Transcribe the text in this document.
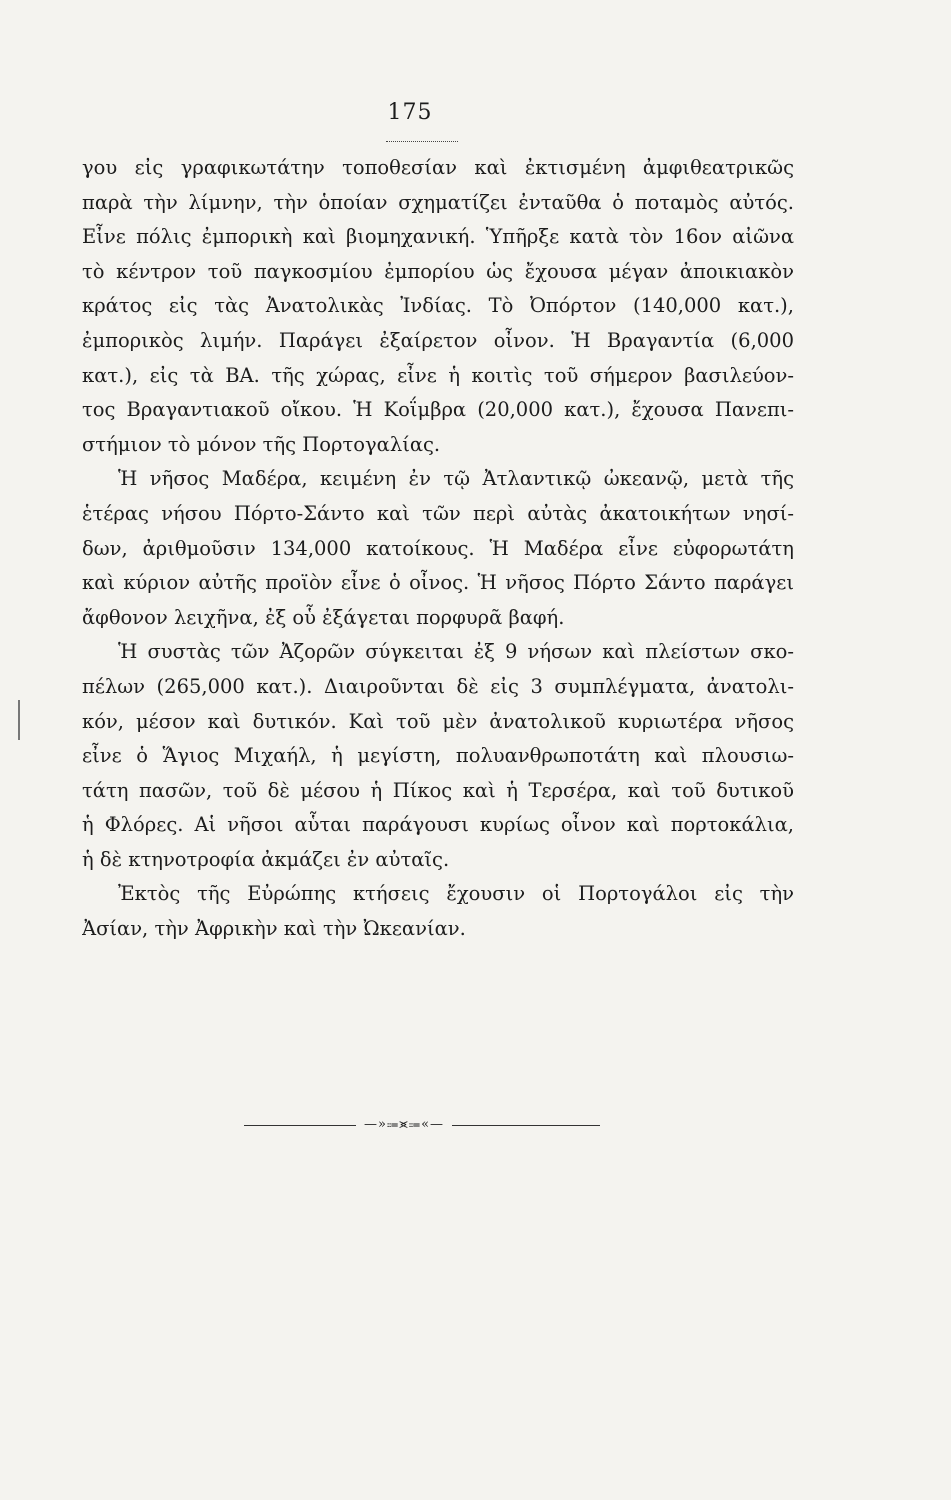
175
γου εἰς γραφικωτάτην τοποθεσίαν καὶ ἐκτισμένη ἀμφιθεατρικῶς
παρὰ τὴν λίμνην, τὴν ὁποίαν σχηματίζει ἐνταῦθα ὁ ποταμὸς αὐτός.
Εἶνε πόλις ἐμπορικὴ καὶ βιομηχανική. Ὑπῆρξε κατὰ τὸν 16ον αἰῶνα
τὸ κέντρον τοῦ παγκοσμίου ἐμπορίου ὡς ἔχουσα μέγαν ἀποικιακὸν
κράτος εἰς τὰς Ἀνατολικὰς Ἰνδίας. Τὸ Ὀπόρτον (140,000 κατ.),
ἐμπορικὸς λιμήν. Παράγει ἐξαίρετον οἶνον. Ἡ Βραγαντία (6,000
κατ.), εἰς τὰ ΒΑ. τῆς χώρας, εἶνε ἡ κοιτὶς τοῦ σήμερον βασιλεύον-
τος Βραγαντιακοῦ οἴκου. Ἡ Κοΐμβρα (20,000 κατ.), ἔχουσα Πανεπι-
στήμιον τὸ μόνον τῆς Πορτογαλίας.
Ἡ νῆσος Μαδέρα, κειμένη ἐν τῷ Ἀτλαντικῷ ὠκεανῷ, μετὰ τῆς
ἑτέρας νήσου Πόρτο-Σάντο καὶ τῶν περὶ αὐτὰς ἀκατοικήτων νησί-
δων, ἀριθμοῦσιν 134,000 κατοίκους. Ἡ Μαδέρα εἶνε εὐφορωτάτη
καὶ κύριον αὐτῆς προϊὸν εἶνε ὁ οἶνος. Ἡ νῆσος Πόρτο Σάντο παράγει
ἄφθονον λειχῆνα, ἐξ οὗ ἐξάγεται πορφυρᾶ βαφή.
Ἡ συστὰς τῶν Ἀζορῶν σύγκειται ἐξ 9 νήσων καὶ πλείστων σκο-
πέλων (265,000 κατ.). Διαιροῦνται δὲ εἰς 3 συμπλέγματα, ἀνατολι-
κόν, μέσον καὶ δυτικόν. Καὶ τοῦ μὲν ἀνατολικοῦ κυριωτέρα νῆσος
εἶνε ὁ Ἅγιος Μιχαήλ, ἡ μεγίστη, πολυανθρωποτάτη καὶ πλουσιω-
τάτη πασῶν, τοῦ δὲ μέσου ἡ Πίκος καὶ ἡ Τερσέρα, καὶ τοῦ δυτικοῦ
ἡ Φλόρες. Αἱ νῆσοι αὗται παράγουσι κυρίως οἶνον καὶ πορτοκάλια,
ἡ δὲ κτηνοτροφία ἀκμάζει ἐν αὐταῖς.
Ἐκτὸς τῆς Εὐρώπης κτήσεις ἔχουσιν οἱ Πορτογάλοι εἰς τὴν
Ἀσίαν, τὴν Ἀφρικὴν καὶ τὴν Ὠκεανίαν.
—»⩴⪤⩴«—
